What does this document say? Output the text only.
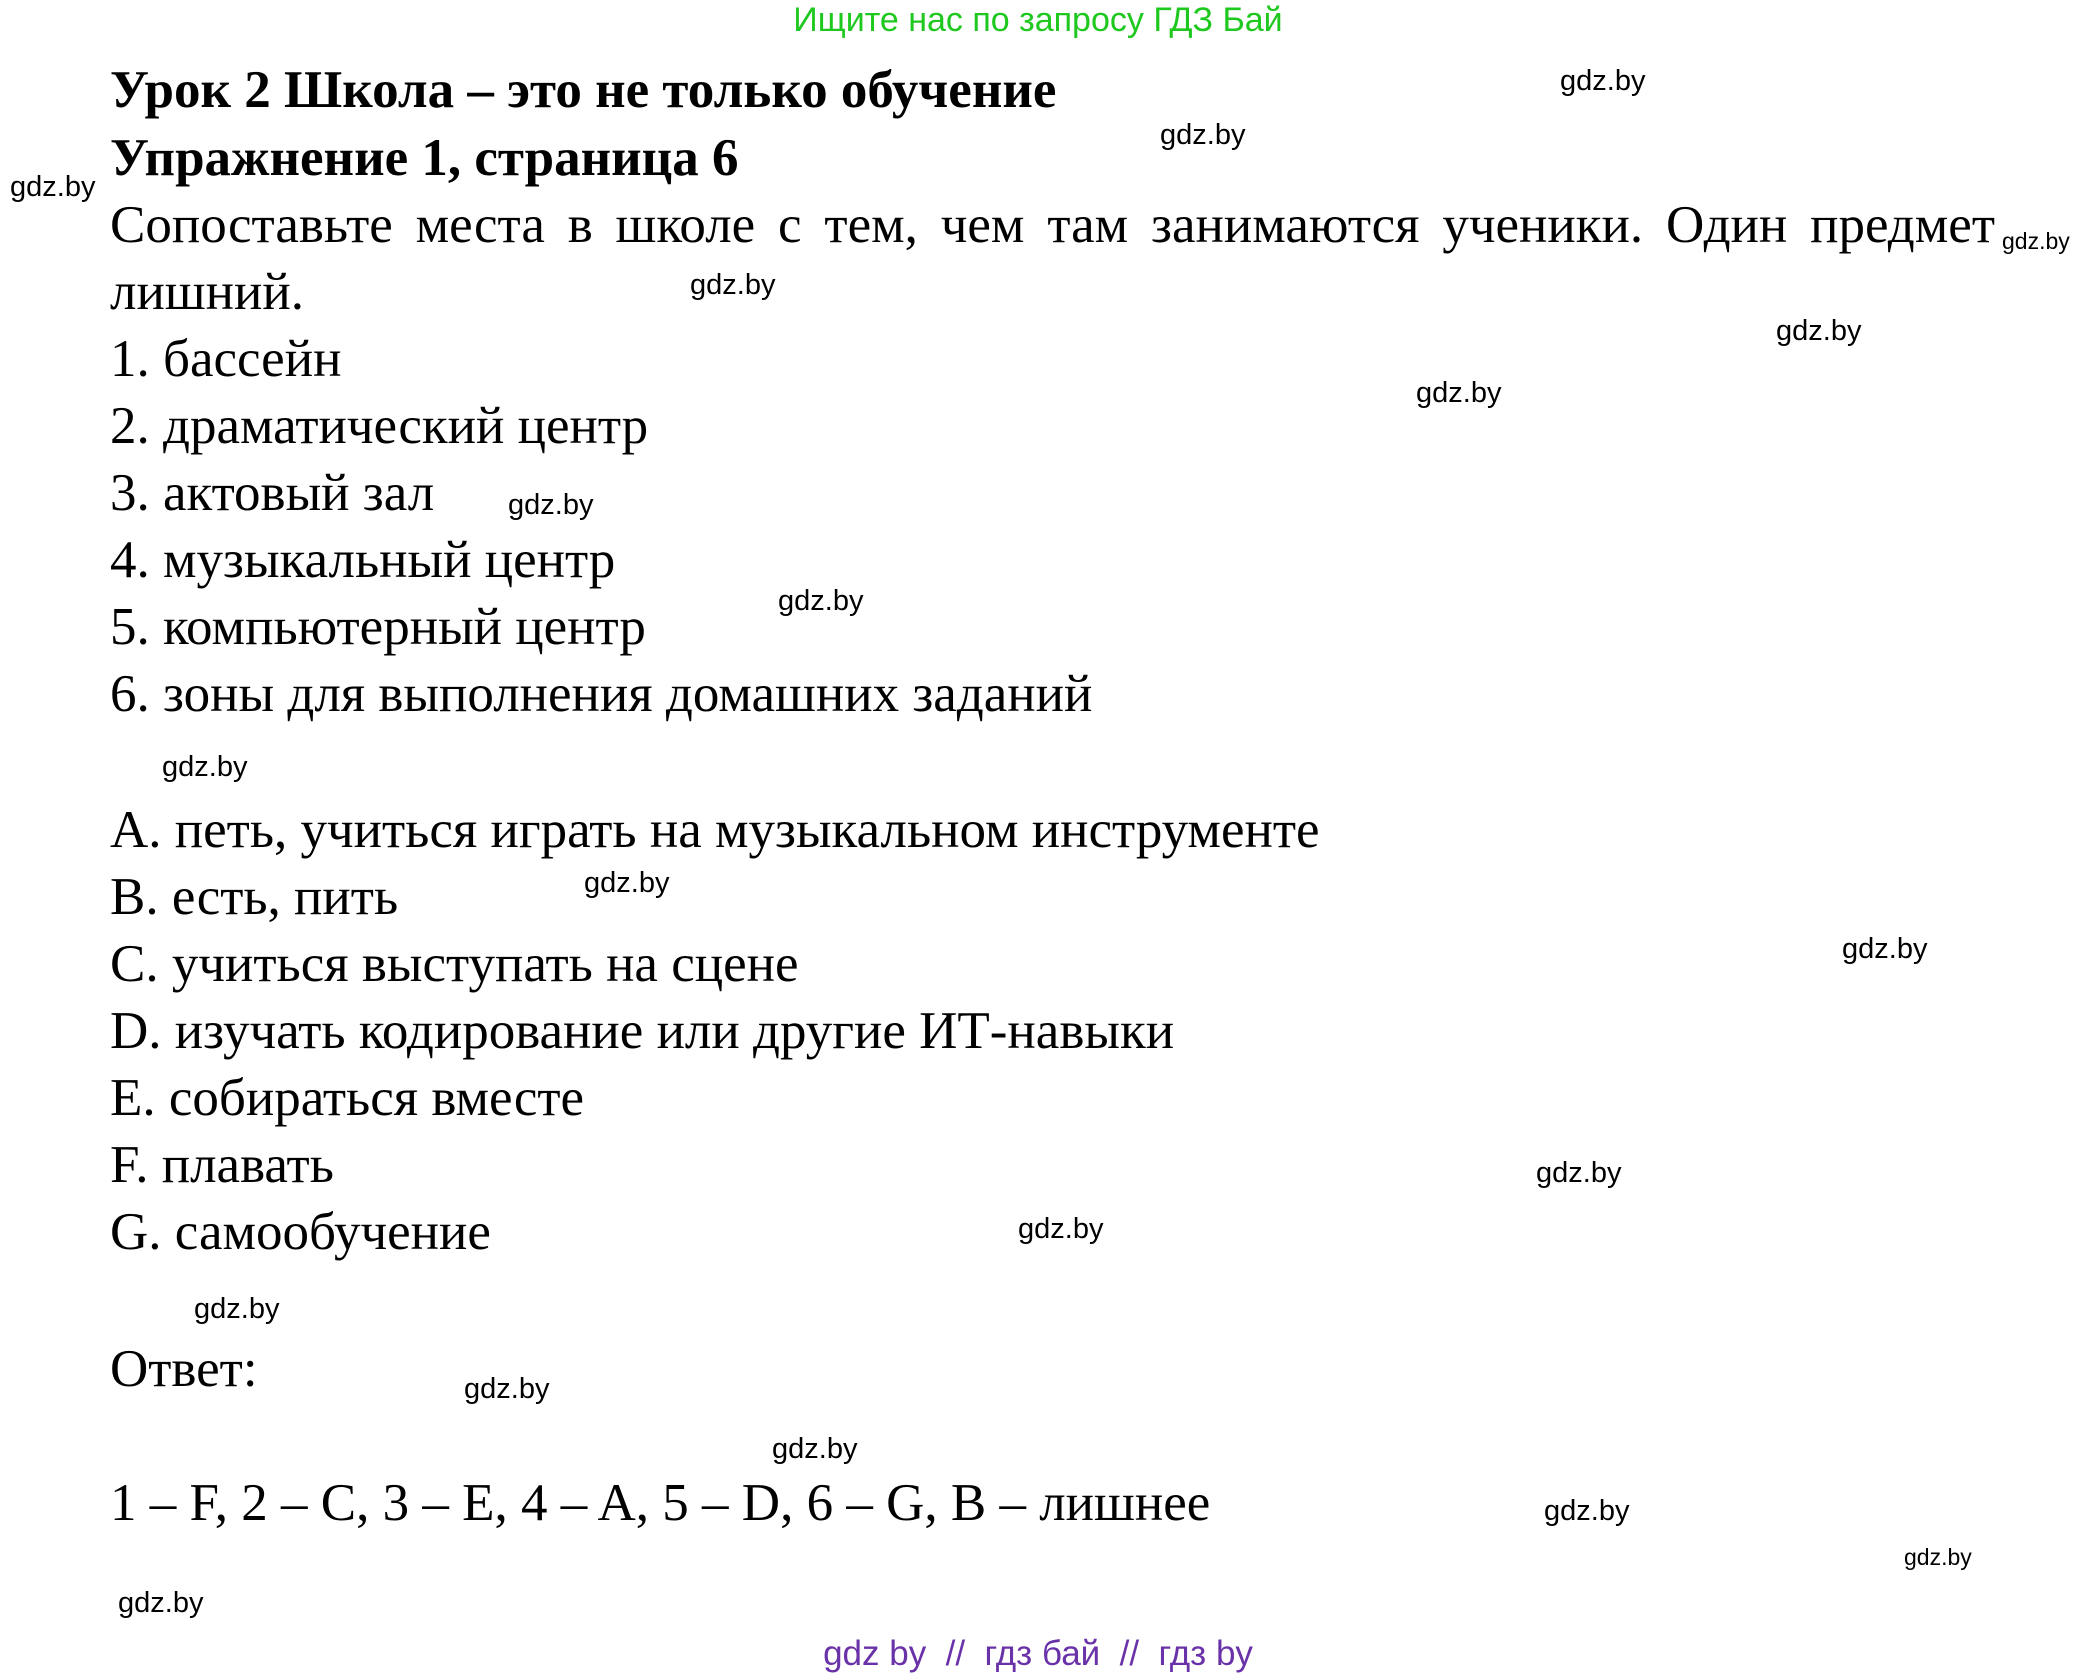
Ищите нас по запросу ГДЗ Бай
Урок 2 Школа – это не только обучение
Упражнение 1, страница 6
Сопоставьте места в школе с тем, чем там занимаются ученики. Один предмет лишний.
1. бассейн
2. драматический центр
3. актовый зал
4. музыкальный центр
5. компьютерный центр
6. зоны для выполнения домашних заданий
A. петь, учиться играть на музыкальном инструменте
B. есть, пить
C. учиться выступать на сцене
D. изучать кодирование или другие ИТ-навыки
E. собираться вместе
F. плавать
G. самообучение
Ответ:
1 – F, 2 – C, 3 – E, 4 – A, 5 – D, 6 – G, B – лишнее
gdz.by
gdz.by
gdz.by
gdz.by
gdz.by
gdz.by
gdz.by
gdz.by
gdz.by
gdz.by
gdz.by
gdz.by
gdz.by
gdz.by
gdz.by
gdz.by
gdz.by
gdz.by
gdz.by
gdz.by
gdz by  //  гдз бай  //  гдз by
